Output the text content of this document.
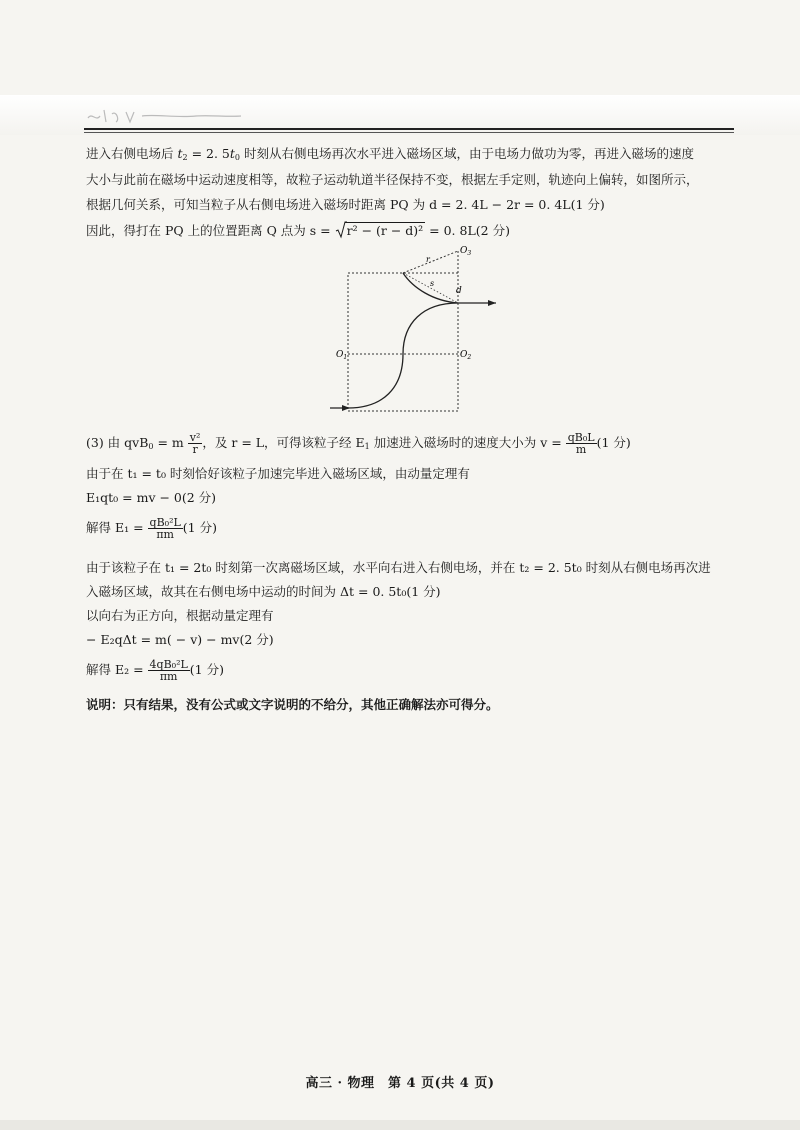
进入右侧电场后 $t_2 = 2$. $5t_0$ 时刻从右侧电场再次水平进入磁场区域，由于电场力做功为零，再进入磁场的速度
大小与此前在磁场中运动速度相等，故粒子运动轨道半径保持不变，根据左手定则，轨迹向上偏转，如图所示，
根据几何关系，可知当粒子从右侧电场进入磁场时距离 PQ 为 d = 2. 4L − 2r = 0. 4L(1 分)
因此，得打在 PQ 上的位置距离 Q 点为 s =
r² − (r − d)² = 0. 8L(2 分)
$O_3$
r
s
d
$O_1$	$O_2$
(3) 由 qvB$_0$ = m $\frac{\text{v²}}{r}$ ，及 r = L，可得该粒子经 $E_1$ 加速进入磁场时的速度大小为 $v = \frac{\text{qB₀L}}{m} (1$ 分)
由于在 t₁ = t₀ 时刻恰好该粒子加速完毕进入磁场区域，由动量定理有
E₁qt₀ = mv − 0(2 分)
解得 $E_1 = \frac{\text{qB₀²L}}{\pi m} (1$ 分)
由于该粒子在 t₁ = 2t₀ 时刻第一次离磁场区域，水平向右进入右侧电场，并在 t₂ = 2. 5t₀ 时刻从右侧电场再次进
入磁场区域，故其在右侧电场中运动的时间为 Δt = 0. 5t₀(1 分)
以向右为正方向，根据动量定理有
− E₂qΔt = m( − v) − mv(2 分)
解得 $E_2 = \frac{\text{4qB₀²L}}{\pi m} (1$ 分)
说明：只有结果，没有公式或文字说明的不给分，其他正确解法亦可得分。
高三 · 物理　第 4 页(共 4 页)
